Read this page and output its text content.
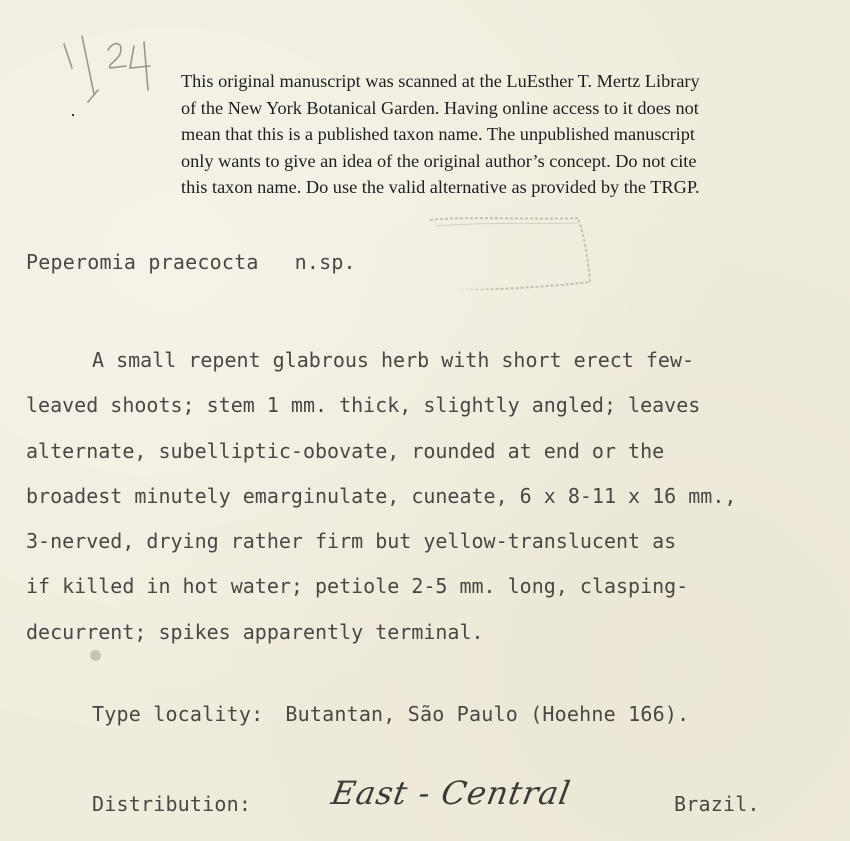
This original manuscript was scanned at the LuEsther T. Mertz Library

of the New York Botanical Garden. Having online access to it does not

mean that this is a published taxon name. The unpublished manuscript

only wants to give an idea of the original author’s concept. Do not cite

this taxon name. Do use the valid alternative as provided by the TRGP.

Peperomia praecocta n.sp.
A small repent glabrous herb with short erect few-
leaved shoots; stem 1 mm. thick, slightly angled; leaves
alternate, subelliptic-obovate, rounded at end or the
broadest minutely emarginulate, cuneate, 6 x 8-11 x 16 mm.,
3-nerved, drying rather firm but yellow-translucent as
if killed in hot water; petiole 2-5 mm. long, clasping-
decurrent; spikes apparently terminal.
Type locality: Butantan, São Paulo (Hoehne 166).
Distribution: East - Central	Brazil.
